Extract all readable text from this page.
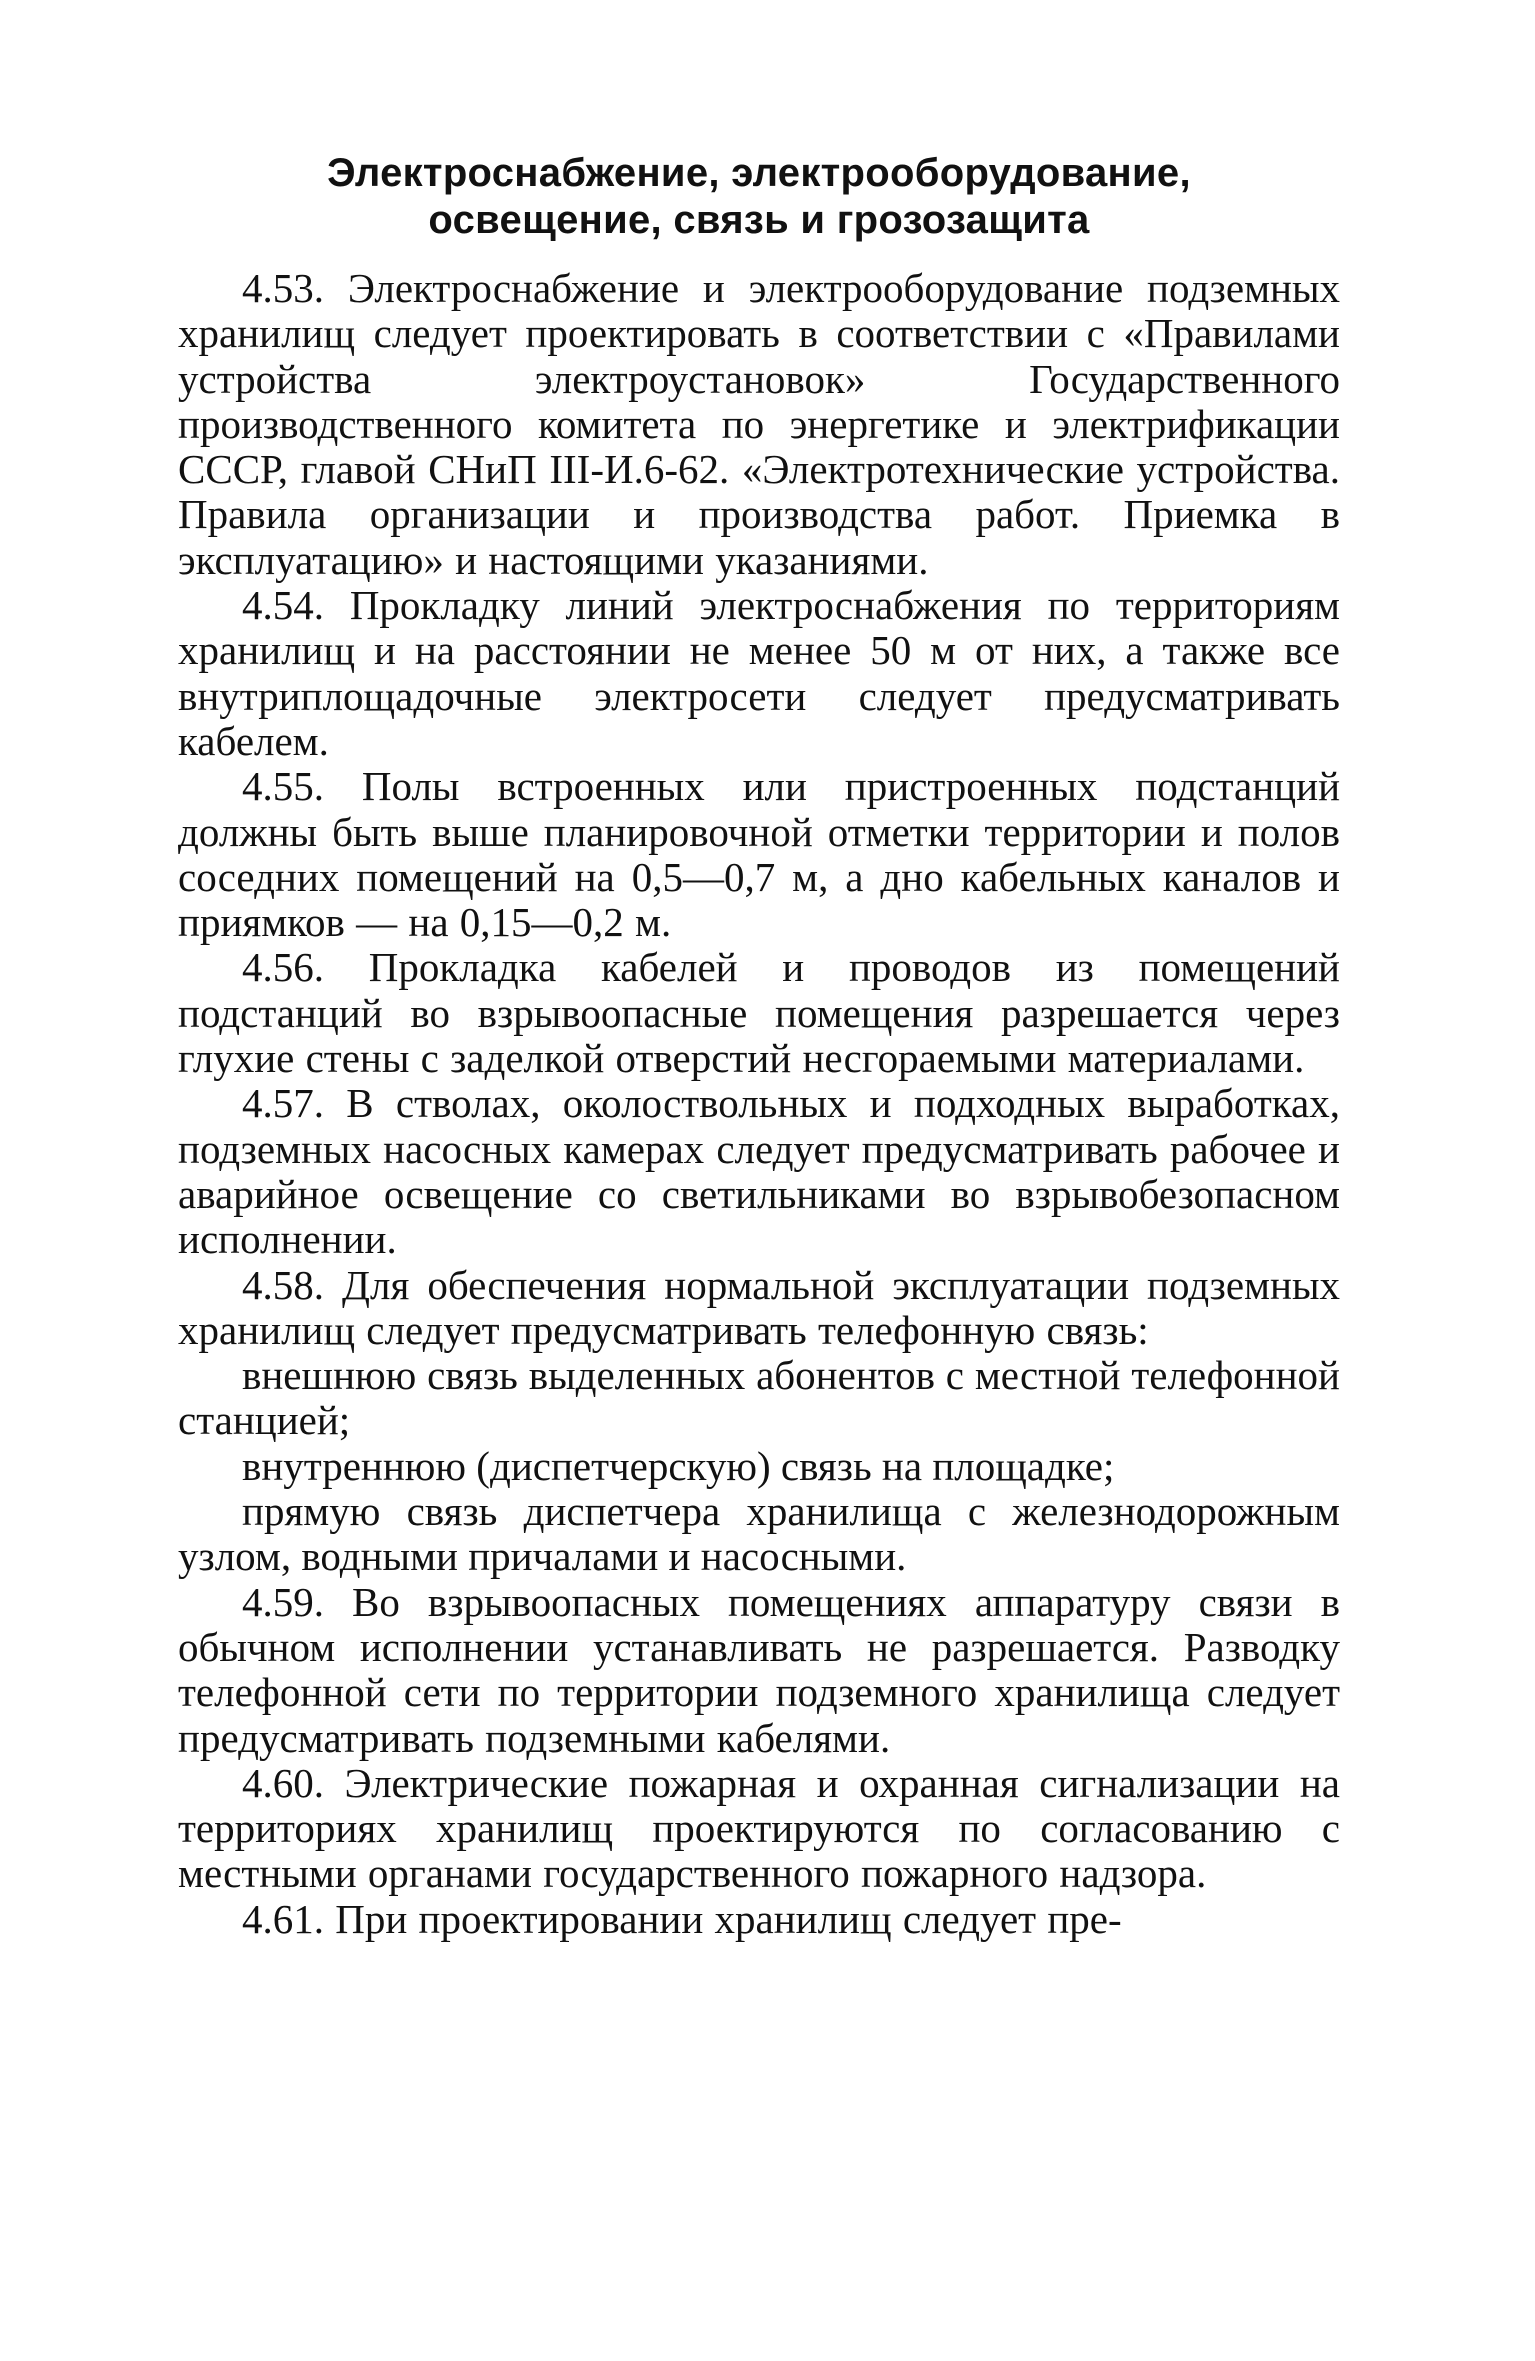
Электроснабжение, электрооборудование,
освещение, связь и грозозащита

4.53. Электроснабжение и электрооборудование подземных хранилищ следует проектировать в соответствии с «Правилами устройства электроустановок» Государственного производственного комитета по энергетике и электрификации СССР, главой СНиП III-И.6-62. «Электротехнические устройства. Правила организации и производства работ. Приемка в эксплуатацию» и настоящими указаниями.

4.54. Прокладку линий электроснабжения по территориям хранилищ и на расстоянии не менее 50 м от них, а также все внутриплощадочные электросети следует предусматривать кабелем.

4.55. Полы встроенных или пристроенных подстанций должны быть выше планировочной отметки территории и полов соседних помещений на 0,5—0,7 м, а дно кабельных каналов и приямков — на 0,15—0,2 м.

4.56. Прокладка кабелей и проводов из помещений подстанций во взрывоопасные помещения разрешается через глухие стены с заделкой отверстий несгораемыми материалами.

4.57. В стволах, околоствольных и подходных выработках, подземных насосных камерах следует предусматривать рабочее и аварийное освещение со светильниками во взрывобезопасном исполнении.

4.58. Для обеспечения нормальной эксплуатации подземных хранилищ следует предусматривать телефонную связь:

внешнюю связь выделенных абонентов с местной телефонной станцией;

внутреннюю (диспетчерскую) связь на площадке;

прямую связь диспетчера хранилища с железнодорожным узлом, водными причалами и насосными.

4.59. Во взрывоопасных помещениях аппаратуру связи в обычном исполнении устанавливать не разрешается. Разводку телефонной сети по территории подземного хранилища следует предусматривать подземными кабелями.

4.60. Электрические пожарная и охранная сигнализации на территориях хранилищ проектируются по согласованию с местными органами государственного пожарного надзора.

4.61. При проектировании хранилищ следует пре-
